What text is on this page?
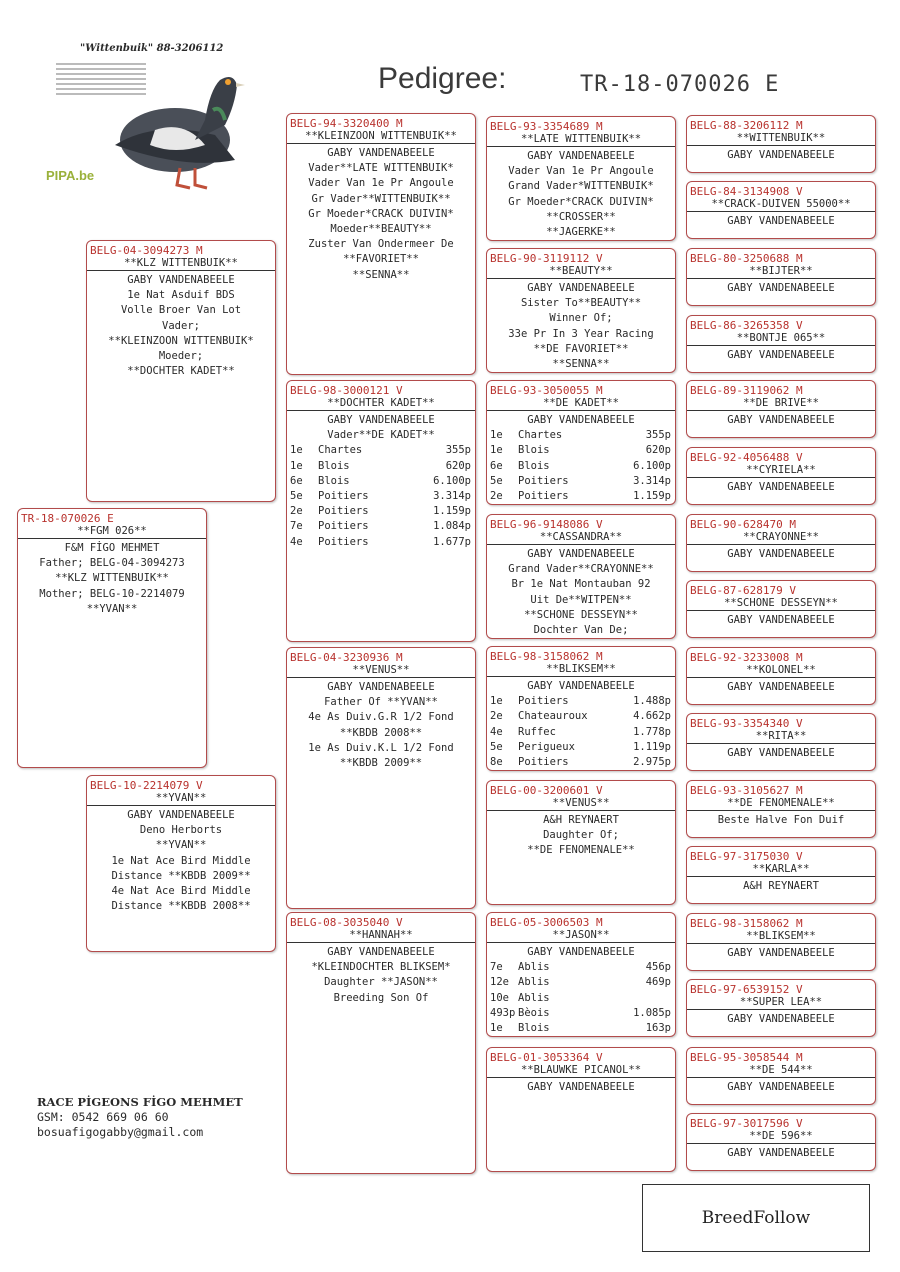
"Wittenbuik" 88-3206112
PIPA.be
Pedigree:	TR-18-070026 E
TR-18-070026 E
**FGM 026**
F&M FİGO MEHMET
Father; BELG-04-3094273
**KLZ WITTENBUIK**
Mother; BELG-10-2214079
**YVAN**
BELG-04-3094273 M
**KLZ WITTENBUIK**
GABY VANDENABEELE
1e Nat Asduif BDS
Volle Broer Van Lot
Vader;
**KLEINZOON WITTENBUIK*
Moeder;
**DOCHTER KADET**
BELG-10-2214079 V
**YVAN**
GABY VANDENABEELE
Deno Herborts
**YVAN**
1e Nat Ace Bird Middle
Distance **KBDB 2009**
4e Nat Ace Bird Middle
Distance **KBDB 2008**
BELG-94-3320400 M
**KLEINZOON WITTENBUIK**
GABY VANDENABEELE
Vader**LATE WITTENBUIK*
Vader Van 1e Pr Angoule
Gr Vader**WITTENBUIK**
Gr Moeder*CRACK DUIVIN*
Moeder**BEAUTY**
Zuster Van Ondermeer De
**FAVORIET**
**SENNA**
BELG-98-3000121 V
**DOCHTER KADET**
GABY VANDENABEELE
Vader**DE KADET**
1e	Chartes	355p
1e	Blois	620p
6e	Blois	6.100p
5e	Poitiers	3.314p
2e	Poitiers	1.159p
7e	Poitiers	1.084p
4e	Poitiers	1.677p
BELG-04-3230936 M
**VENUS**
GABY VANDENABEELE
Father Of **YVAN**
4e As Duiv.G.R 1/2 Fond
**KBDB 2008**
1e As Duiv.K.L 1/2 Fond
**KBDB 2009**
BELG-08-3035040 V
**HANNAH**
GABY VANDENABEELE
*KLEINDOCHTER BLIKSEM*
Daughter **JASON**
Breeding Son Of
BELG-93-3354689 M
**LATE WITTENBUIK**
GABY VANDENABEELE
Vader Van 1e Pr Angoule
Grand Vader*WITTENBUIK*
Gr Moeder*CRACK DUIVIN*
**CROSSER**
**JAGERKE**
BELG-90-3119112 V
**BEAUTY**
GABY VANDENABEELE
Sister To**BEAUTY**
Winner Of;
33e Pr In 3 Year Racing
**DE FAVORIET**
**SENNA**
BELG-93-3050055 M
**DE KADET**
GABY VANDENABEELE
1e	Chartes	355p
1e	Blois	620p
6e	Blois	6.100p
5e	Poitiers	3.314p
2e	Poitiers	1.159p
BELG-96-9148086 V
**CASSANDRA**
GABY VANDENABEELE
Grand Vader**CRAYONNE**
Br 1e Nat Montauban 92
Uit De**WITPEN**
**SCHONE DESSEYN**
Dochter Van De;
BELG-98-3158062 M
**BLIKSEM**
GABY VANDENABEELE
1e	Poitiers	1.488p
2e	Chateauroux	4.662p
4e	Ruffec	1.778p
5e	Perigueux	1.119p
8e	Poitiers	2.975p
BELG-00-3200601 V
**VENUS**
A&H REYNAERT
Daughter Of;
**DE FENOMENALE**
BELG-05-3006503 M
**JASON**
GABY VANDENABEELE
7e	Ablis	456p
12e Ablis	469p
10e Ablis
493p Bèois	1.085p
1e	Blois	163p
BELG-01-3053364 V
**BLAUWKE PICANOL**
GABY VANDENABEELE
BELG-88-3206112 M
**WITTENBUIK**
GABY VANDENABEELE
BELG-84-3134908 V
**CRACK-DUIVEN 55000**
GABY VANDENABEELE
BELG-80-3250688 M
**BIJTER**
GABY VANDENABEELE
BELG-86-3265358 V
**BONTJE 065**
GABY VANDENABEELE
BELG-89-3119062 M
**DE BRIVE**
GABY VANDENABEELE
BELG-92-4056488 V
**CYRIELA**
GABY VANDENABEELE
BELG-90-628470 M
**CRAYONNE**
GABY VANDENABEELE
BELG-87-628179 V
**SCHONE DESSEYN**
GABY VANDENABEELE
BELG-92-3233008 M
**KOLONEL**
GABY VANDENABEELE
BELG-93-3354340 V
**RITA**
GABY VANDENABEELE
BELG-93-3105627 M
**DE FENOMENALE**
Beste Halve Fon Duif
BELG-97-3175030 V
**KARLA**
A&H REYNAERT
BELG-98-3158062 M
**BLIKSEM**
GABY VANDENABEELE
BELG-97-6539152 V
**SUPER LEA**
GABY VANDENABEELE
BELG-95-3058544 M
**DE 544**
GABY VANDENABEELE
BELG-97-3017596 V
**DE 596**
GABY VANDENABEELE
RACE PİGEONS FİGO MEHMET
GSM: 0542 669 06 60
bosuafigogabby@gmail.com
BreedFollow
